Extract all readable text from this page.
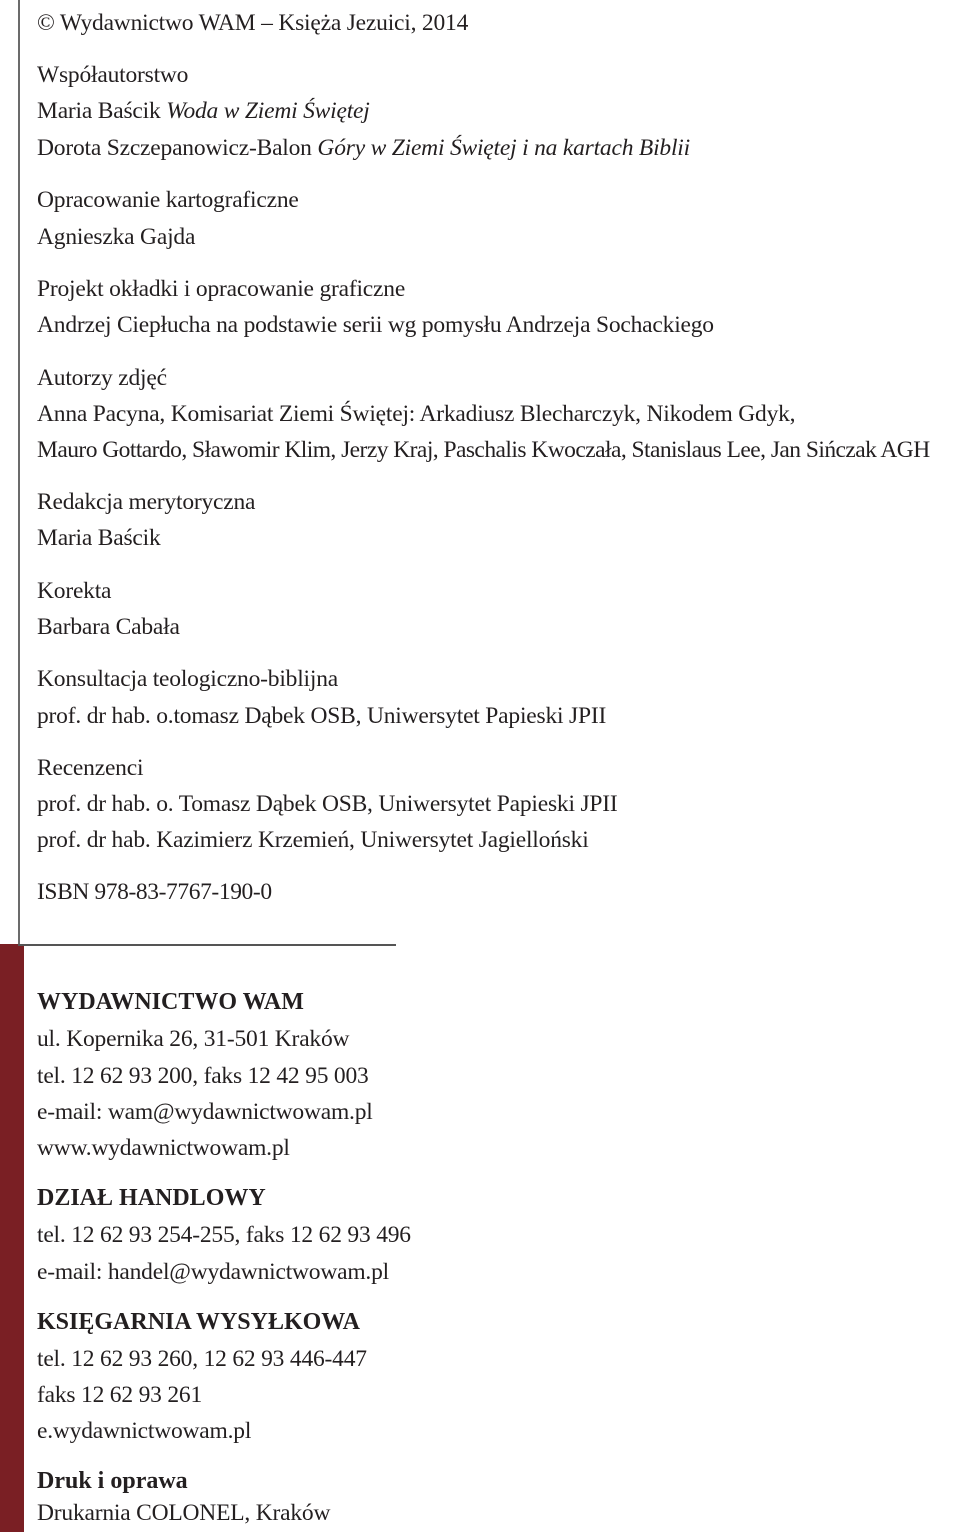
© Wydawnictwo WAM – Księża Jezuici, 2014
Współautorstwo
Maria Baścik Woda w Ziemi Świętej
Dorota Szczepanowicz-Balon Góry w Ziemi Świętej i na kartach Biblii
Opracowanie kartograficzne
Agnieszka Gajda
Projekt okładki i opracowanie graficzne
Andrzej Ciepłucha na podstawie serii wg pomysłu Andrzeja Sochackiego
Autorzy zdjęć
Anna Pacyna, Komisariat Ziemi Świętej: Arkadiusz Blecharczyk, Nikodem Gdyk,
Mauro Gottardo, Sławomir Klim, Jerzy Kraj, Paschalis Kwoczała, Stanislaus Lee, Jan Sińczak AGH
Redakcja merytoryczna
Maria Baścik
Korekta
Barbara Cabała
Konsultacja teologiczno-biblijna
prof. dr hab. o.tomasz Dąbek OSB, Uniwersytet Papieski JPII
Recenzenci
prof. dr hab. o. Tomasz Dąbek OSB, Uniwersytet Papieski JPII
prof. dr hab. Kazimierz Krzemień, Uniwersytet Jagielloński
ISBN 978-83-7767-190-0
WYDAWNICTWO WAM
ul. Kopernika 26, 31-501 Kraków
tel. 12 62 93 200, faks 12 42 95 003
e-mail: wam@wydawnictwowam.pl
www.wydawnictwowam.pl
DZIAŁ HANDLOWY
tel. 12 62 93 254-255, faks 12 62 93 496
e-mail: handel@wydawnictwowam.pl
KSIĘGARNIA WYSYŁKOWA
tel. 12 62 93 260, 12 62 93 446-447
faks 12 62 93 261
e.wydawnictwowam.pl
Druk i oprawa
Drukarnia COLONEL, Kraków
